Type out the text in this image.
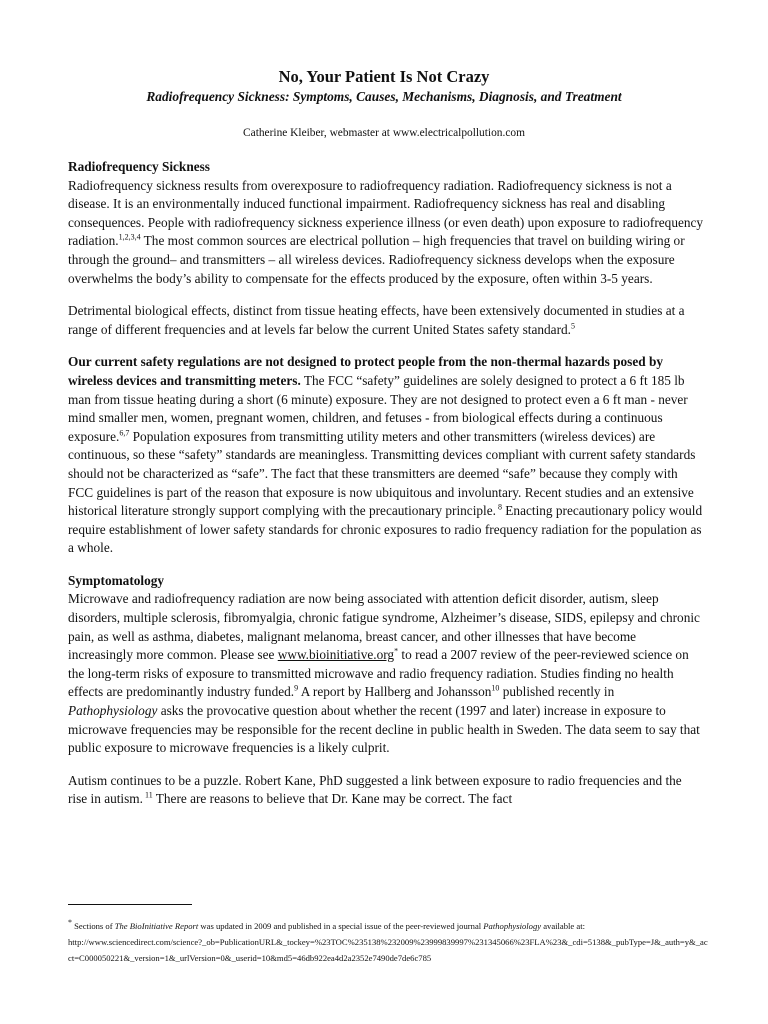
No, Your Patient Is Not Crazy
Radiofrequency Sickness: Symptoms, Causes, Mechanisms, Diagnosis, and Treatment
Catherine Kleiber, webmaster at www.electricalpollution.com
Radiofrequency Sickness

Radiofrequency sickness results from overexposure to radiofrequency radiation. Radiofrequency sickness is not a disease. It is an environmentally induced functional impairment. Radiofrequency sickness has real and disabling consequences. People with radiofrequency sickness experience illness (or even death) upon exposure to radiofrequency radiation.$^{1,2,3,4}$ The most common sources are electrical pollution – high frequencies that travel on building wiring or through the ground– and transmitters – all wireless devices. Radiofrequency sickness develops when the exposure overwhelms the body’s ability to compensate for the effects produced by the exposure, often within 3-5 years.

Detrimental biological effects, distinct from tissue heating effects, have been extensively documented in studies at a range of different frequencies and at levels far below the current United States safety standard.$^5$

Our current safety regulations are not designed to protect people from the non-thermal hazards posed by wireless devices and transmitting meters. The FCC “safety” guidelines are solely designed to protect a 6 ft 185 lb man from tissue heating during a short (6 minute) exposure. They are not designed to protect even a 6 ft man - never mind smaller men, women, pregnant women, children, and fetuses - from biological effects during a continuous exposure.$^{6,7}$ Population exposures from transmitting utility meters and other transmitters (wireless devices) are continuous, so these “safety” standards are meaningless. Transmitting devices compliant with current safety standards should not be characterized as “safe”. The fact that these transmitters are deemed “safe” because they comply with FCC guidelines is part of the reason that exposure is now ubiquitous and involuntary. Recent studies and an extensive historical literature strongly support complying with the precautionary principle. $^8$ Enacting precautionary policy would require establishment of lower safety standards for chronic exposures to radio frequency radiation for the population as a whole.

Symptomatology

Microwave and radiofrequency radiation are now being associated with attention deficit disorder, autism, sleep disorders, multiple sclerosis, fibromyalgia, chronic fatigue syndrome, Alzheimer’s disease, SIDS, epilepsy and chronic pain, as well as asthma, diabetes, malignant melanoma, breast cancer, and other illnesses that have become increasingly more common. Please see www.bioinitiative.org* to read a 2007 review of the peer-reviewed science on the long-term risks of exposure to transmitted microwave and radio frequency radiation. Studies finding no health effects are predominantly industry funded.$^9$ A report by Hallberg and Johansson$^{10}$ published recently in Pathophysiology asks the provocative question about whether the recent (1997 and later) increase in exposure to microwave frequencies may be responsible for the recent decline in public health in Sweden. The data seem to say that public exposure to microwave frequencies is a likely culprit.

Autism continues to be a puzzle. Robert Kane, PhD suggested a link between exposure to radio frequencies and the rise in autism. $^{11}$ There are reasons to believe that Dr. Kane may be correct. The fact

* Sections of The BioInitiative Report was updated in 2009 and published in a special issue of the peer-reviewed journal Pathophysiology available at:
http://www.sciencedirect.com/science?_ob=PublicationURL&_tockey=%23TOC%235138%232009%23999839997%231345066%23FLA%23&_cdi=5138&_pubType=J&_auth=y&_acct=C000050221&_version=1&_urlVersion=0&_userid=10&md5=46db922ea4d2a2352e7490de7de6c785
